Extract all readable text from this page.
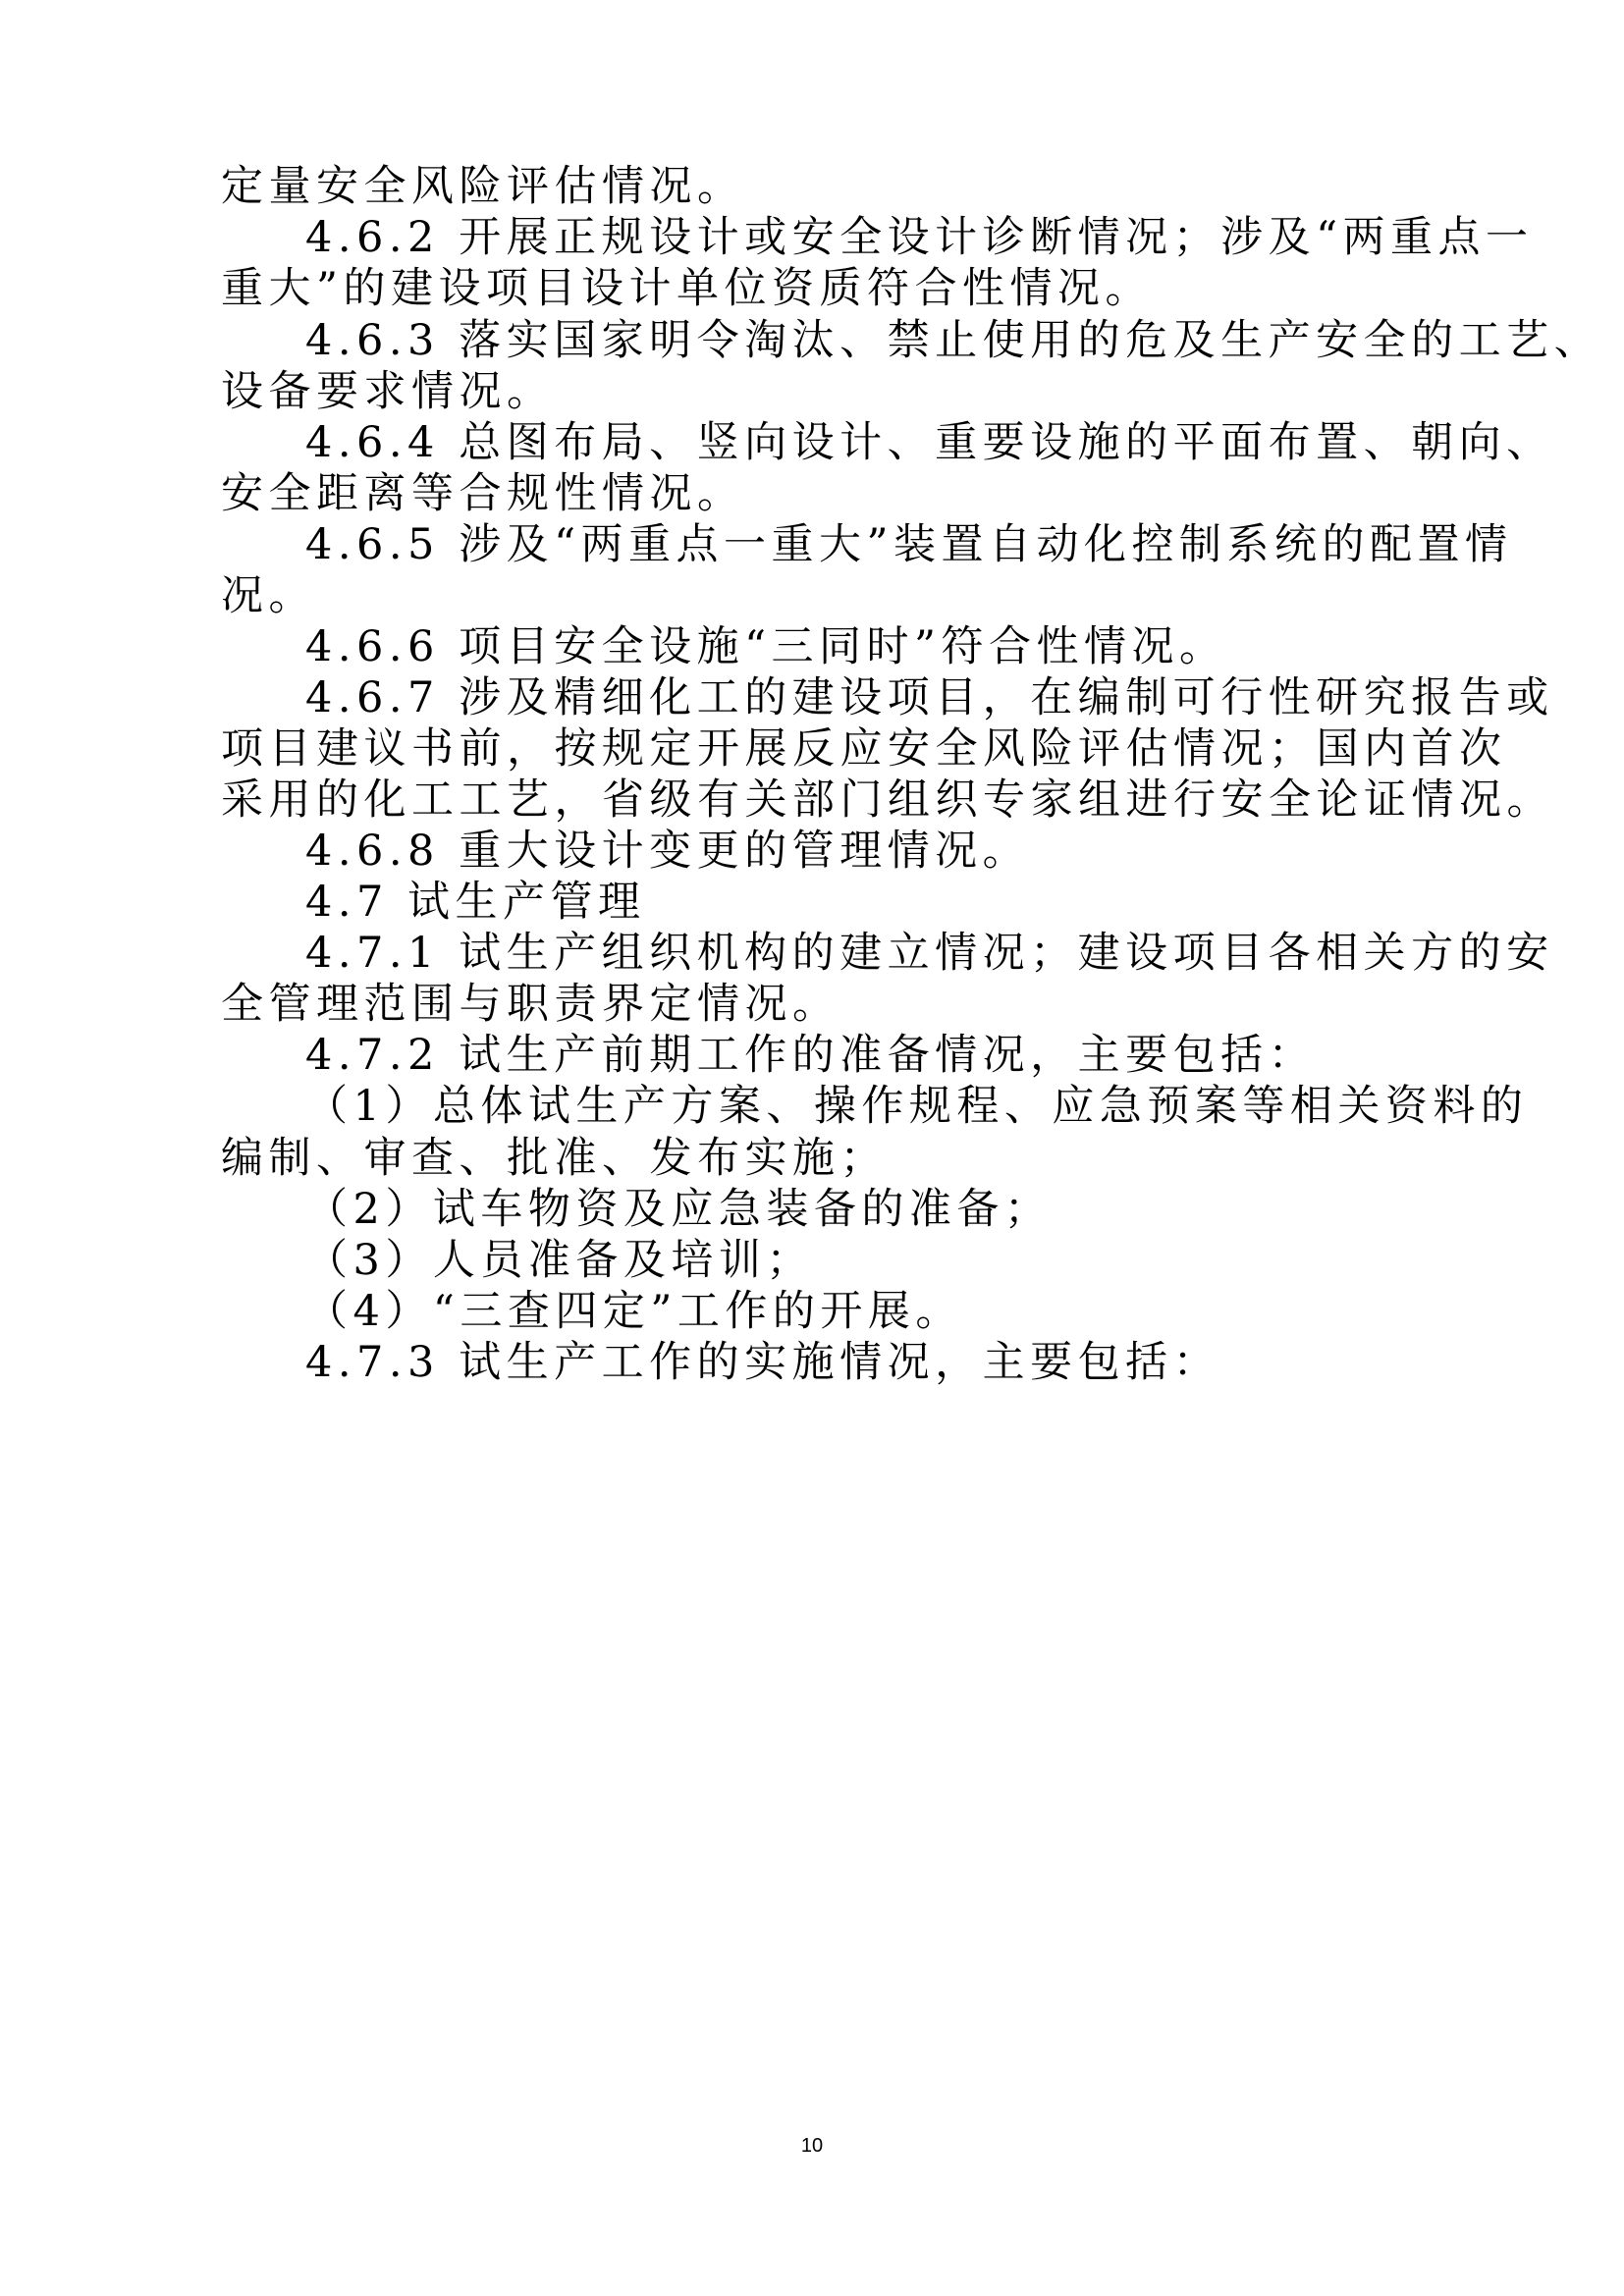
定量安全风险评估情况。
4.6.2 开展正规设计或安全设计诊断情况；涉及“两重点一
重大”的建设项目设计单位资质符合性情况。
4.6.3 落实国家明令淘汰、禁止使用的危及生产安全的工艺、
设备要求情况。
4.6.4 总图布局、竖向设计、重要设施的平面布置、朝向、
安全距离等合规性情况。
4.6.5 涉及“两重点一重大”装置自动化控制系统的配置情
况。
4.6.6 项目安全设施“三同时”符合性情况。
4.6.7 涉及精细化工的建设项目，在编制可行性研究报告或
项目建议书前，按规定开展反应安全风险评估情况；国内首次
采用的化工工艺，省级有关部门组织专家组进行安全论证情况。
4.6.8 重大设计变更的管理情况。
4.7 试生产管理
4.7.1 试生产组织机构的建立情况；建设项目各相关方的安
全管理范围与职责界定情况。
4.7.2 试生产前期工作的准备情况，主要包括：
（1）总体试生产方案、操作规程、应急预案等相关资料的
编制、审查、批准、发布实施；
（2）试车物资及应急装备的准备；
（3）人员准备及培训；
（4）“三查四定”工作的开展。
4.7.3 试生产工作的实施情况，主要包括：
10
